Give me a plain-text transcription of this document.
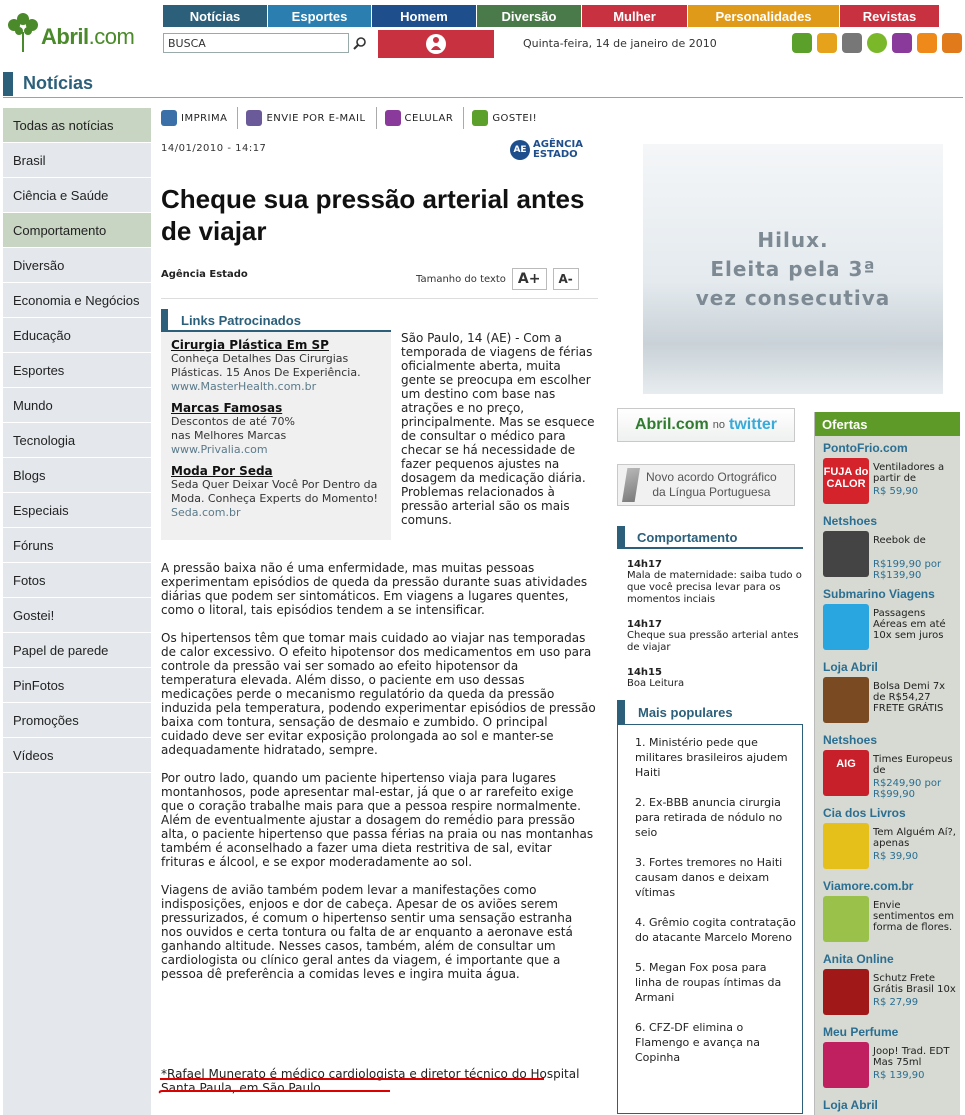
Abril.com
Notícias	Esportes	Homem	Diversão	Mulher	Personalidades	Revistas
BUSCA
Quinta-feira, 14 de janeiro de 2010
Notícias
Todas as notícias
Brasil
Ciência e Saúde
Comportamento
Diversão
Economia e Negócios
Educação
Esportes
Mundo
Tecnologia
Blogs
Especiais
Fóruns
Fotos
Gostei!
Papel de parede
PinFotos
Promoções
Vídeos
IMPRIMA	ENVIE POR E-MAIL	CELULAR	GOSTEI!
14/01/2010 - 14:17	AE AGÊNCIA
ESTADO
Cheque sua pressão arterial antes de viajar
Agência Estado	Tamanho do texto A+	A-
Links Patrocinados
Cirurgia Plástica Em SP
Conheça Detalhes Das Cirurgias
Plásticas. 15 Anos De Experiência.
www.MasterHealth.com.br
Marcas Famosas
Descontos de até 70%
nas Melhores Marcas
www.Privalia.com
Moda Por Seda
Seda Quer Deixar Você Por Dentro da
Moda. Conheça Experts do Momento!
Seda.com.br
São Paulo, 14 (AE) - Com a temporada de viagens de férias oficialmente aberta, muita gente se preocupa em escolher um destino com base nas atrações e no preço, principalmente. Mas se esquece de consultar o médico para checar se há necessidade de fazer pequenos ajustes na dosagem da medicação diária. Problemas relacionados à pressão arterial são os mais comuns.

A pressão baixa não é uma enfermidade, mas muitas pessoas experimentam episódios de queda da pressão durante suas atividades diárias que podem ser sintomáticos. Em viagens a lugares quentes, como o litoral, tais episódios tendem a se intensificar.

Os hipertensos têm que tomar mais cuidado ao viajar nas temporadas de calor excessivo. O efeito hipotensor dos medicamentos em uso para controle da pressão vai ser somado ao efeito hipotensor da temperatura elevada. Além disso, o paciente em uso dessas medicações perde o mecanismo regulatório da queda da pressão induzida pela temperatura, podendo experimentar episódios de pressão baixa com tontura, sensação de desmaio e zumbido. O principal cuidado deve ser evitar exposição prolongada ao sol e manter-se adequadamente hidratado, sempre.

Por outro lado, quando um paciente hipertenso viaja para lugares montanhosos, pode apresentar mal-estar, já que o ar rarefeito exige que o coração trabalhe mais para que a pessoa respire normalmente. Além de eventualmente ajustar a dosagem do remédio para pressão alta, o paciente hipertenso que passa férias na praia ou nas montanhas também é aconselhado a fazer uma dieta restritiva de sal, evitar frituras e álcool, e se expor moderadamente ao sol.

Viagens de avião também podem levar a manifestações como indisposições, enjoos e dor de cabeça. Apesar de os aviões serem pressurizados, é comum o hipertenso sentir uma sensação estranha nos ouvidos e certa tontura ou falta de ar enquanto a aeronave está ganhando altitude. Nesses casos, também, além de consultar um cardiologista ou clínico geral antes da viagem, é importante que a pessoa dê preferência a comidas leves e ingira muita água.

*Rafael Munerato é médico cardiologista e diretor técnico do Hospital Santa Paula, em São Paulo.
Hilux.
Eleita pela 3ª
vez consecutiva
Abril.com no twitter
Novo acordo Ortográfico
da Língua Portuguesa
Comportamento
14h17
Mala de maternidade: saiba tudo o que você precisa levar para os momentos inciais
14h17
Cheque sua pressão arterial antes de viajar
14h15
Boa Leitura
Mais populares
1. Ministério pede que militares brasileiros ajudem Haiti
2. Ex-BBB anuncia cirurgia para retirada de nódulo no seio
3. Fortes tremores no Haiti causam danos e deixam vítimas
4. Grêmio cogita contratação do atacante Marcelo Moreno
5. Megan Fox posa para linha de roupas íntimas da Armani
6. CFZ-DF elimina o Flamengo e avança na Copinha
Ofertas
PontoFrio.com
FUJA do CALOR
Ventiladores a partir de
R$ 59,90
Netshoes
Reebok de
R$199,90 por R$139,90
Submarino Viagens
Passagens Aéreas em até 10x sem juros
Loja Abril
Bolsa Demi 7x de R$54,27 FRETE GRÁTIS
Netshoes
AIG	Times Europeus de
R$249,90 por R$99,90
Cia dos Livros
Tem Alguém Aí?, apenas
R$ 39,90
Viamore.com.br
Envie sentimentos em forma de flores.
Anita Online
Schutz Frete Grátis Brasil 10x
R$ 27,99
Meu Perfume
Joop! Trad. EDT Mas 75ml
R$ 139,90
Loja Abril
